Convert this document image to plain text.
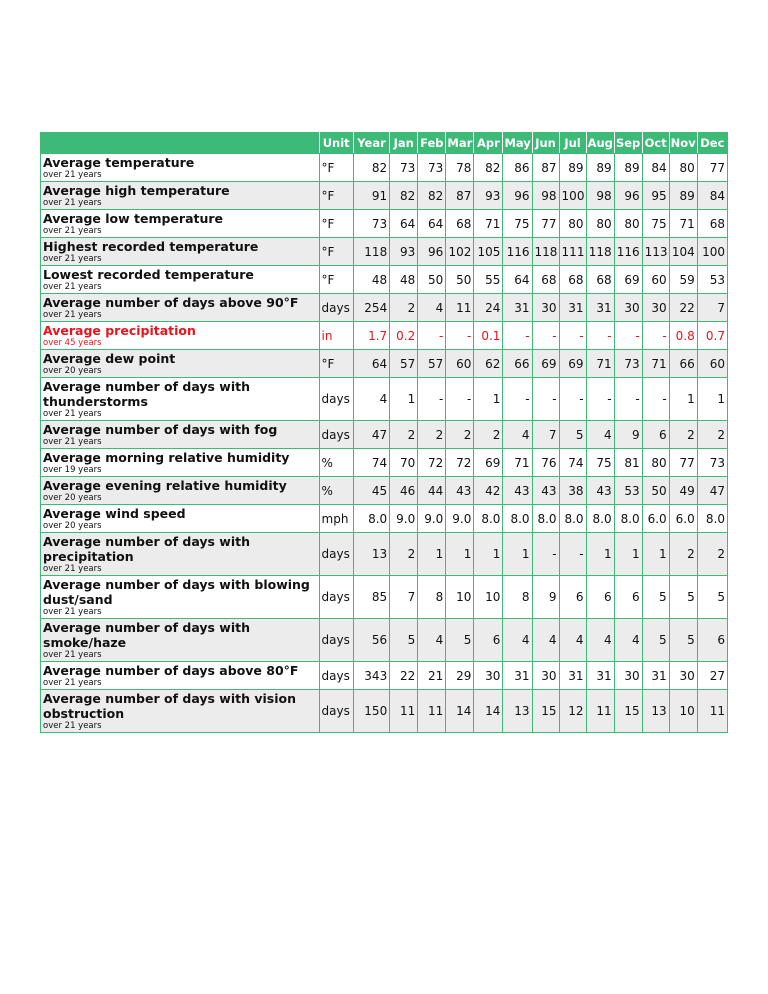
	Unit	Year	Jan	Feb	Mar	Apr	May	Jun	Jul	Aug	Sep	Oct	Nov	Dec

Average temperature
over 21 years	°F	82	73	73	78	82	86	87	89	89	89	84	80	77

Average high temperature
over 21 years	°F	91	82	82	87	93	96	98	100	98	96	95	89	84

Average low temperature
over 21 years	°F	73	64	64	68	71	75	77	80	80	80	75	71	68

Highest recorded temperature
over 21 years	°F	118	93	96	102	105	116	118	111	118	116	113	104	100

Lowest recorded temperature
over 21 years	°F	48	48	50	50	55	64	68	68	68	69	60	59	53

Average number of days above 90°F
over 21 years	days	254	2	4	11	24	31	30	31	31	30	30	22	7

Average precipitation
over 45 years	in	1.7	0.2	-	-	0.1	-	-	-	-	-	-	0.8	0.7

Average dew point
over 20 years	°F	64	57	57	60	62	66	69	69	71	73	71	66	60

Average number of days with thunderstorms
over 21 years	days	4	1	-	-	1	-	-	-	-	-	-	1	1

Average number of days with fog
over 21 years	days	47	2	2	2	2	4	7	5	4	9	6	2	2

Average morning relative humidity
over 19 years	%	74	70	72	72	69	71	76	74	75	81	80	77	73

Average evening relative humidity
over 20 years	%	45	46	44	43	42	43	43	38	43	53	50	49	47

Average wind speed
over 20 years	mph	8.0	9.0	9.0	9.0	8.0	8.0	8.0	8.0	8.0	8.0	6.0	6.0	8.0

Average number of days with precipitation
over 21 years	days	13	2	1	1	1	1	-	-	1	1	1	2	2

Average number of days with blowing dust/sand
over 21 years	days	85	7	8	10	10	8	9	6	6	6	5	5	5

Average number of days with smoke/haze
over 21 years	days	56	5	4	5	6	4	4	4	4	4	5	5	6

Average number of days above 80°F
over 21 years	days	343	22	21	29	30	31	30	31	31	30	31	30	27

Average number of days with vision obstruction
over 21 years	days	150	11	11	14	14	13	15	12	11	15	13	10	11
